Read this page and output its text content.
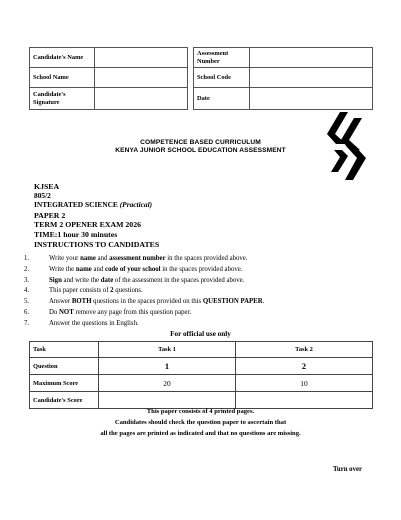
Candidate's Name	
School Name	
Candidate's Signature	
Assessment Number	
School Code	
Date	
COMPETENCE BASED CURRICULUM
KENYA JUNIOR SCHOOL EDUCATION ASSESSMENT
KJSEA
805/2
INTEGRATED SCIENCE (Practical)
PAPER 2
TERM 2 OPENER EXAM 2026
TIME:1 hour 30 minutes
INSTRUCTIONS TO CANDIDATES
1.	Write your name and assessment number in the spaces provided above.
2.	Write the name and code of your school in the spaces provided above.
3.	Sign and write the date of the assessment in the spaces provided above.
4.	This paper consists of 2 questions.
5.	Answer BOTH questions in the spaces provided on this QUESTION PAPER.
6.	Do NOT remove any page from this question paper.
7.	Answer the questions in English.
For official use only
Task	Task 1	Task 2
Question	1	2
Maximum Score	20	10
Candidate's Score		
This paper consists of 4 printed pages.
Candidates should check the question paper to ascertain that
all the pages are printed as indicated and that no questions are missing.
Turn over
